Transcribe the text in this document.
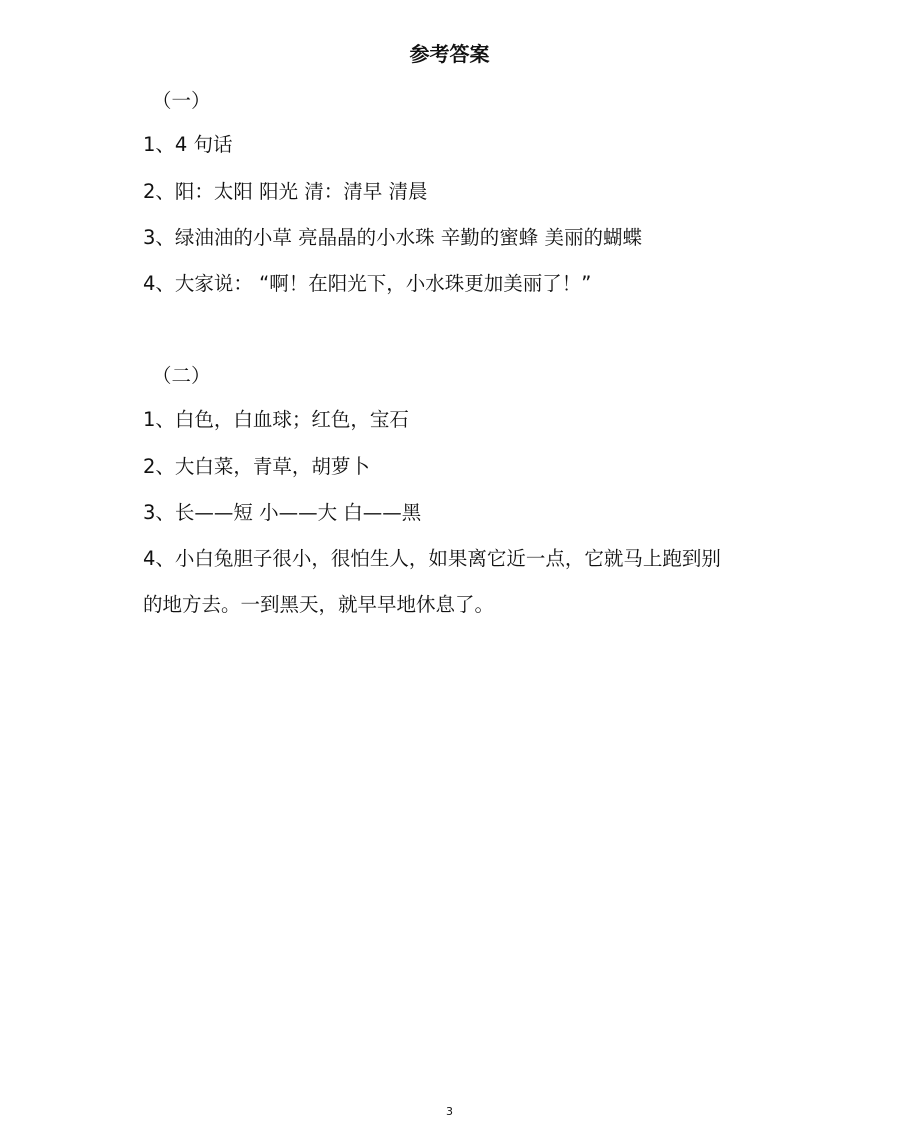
参考答案
（一）
1、4 句话
2、阳：太阳 阳光 清：清早 清晨
3、绿油油的小草 亮晶晶的小水珠 辛勤的蜜蜂 美丽的蝴蝶
4、大家说： “啊！在阳光下，小水珠更加美丽了！”
（二）
1、白色，白血球；红色，宝石
2、大白菜，青草，胡萝卜
3、长——短 小——大 白——黑
4、小白兔胆子很小，很怕生人，如果离它近一点，它就马上跑到别
的地方去。一到黑天，就早早地休息了。
3
